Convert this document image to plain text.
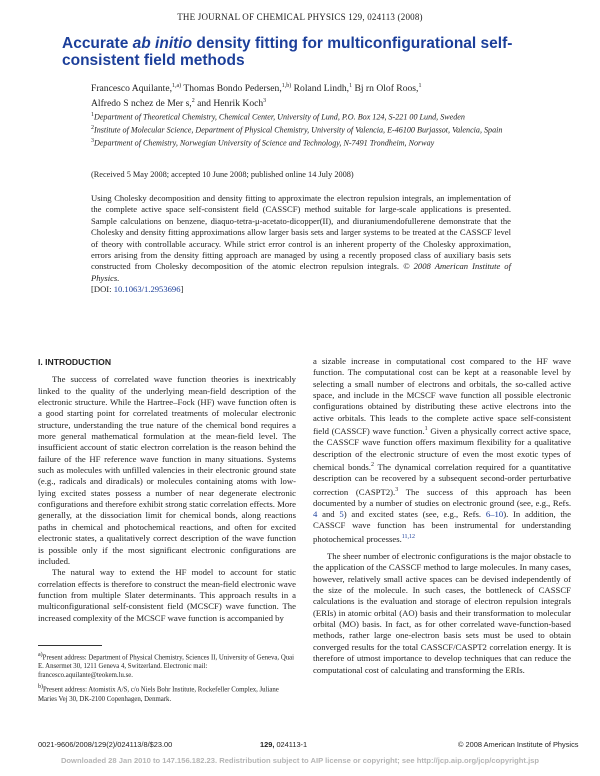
THE JOURNAL OF CHEMICAL PHYSICS 129, 024113 (2008)
Accurate ab initio density fitting for multiconfigurational self-consistent field methods
Francesco Aquilante,$^{1,a)}$ Thomas Bondo Pedersen,$^{1,b)}$ Roland Lindh,$^1$ Bj rn Olof Roos,$^1$
Alfredo S nchez de Mer s,$^2$ and Henrik Koch$^3$
$^1$Department of Theoretical Chemistry, Chemical Center, University of Lund, P.O. Box 124, S-221 00 Lund, Sweden
$^2$Institute of Molecular Science, Department of Physical Chemistry, University of Valencia, E-46100 Burjassot, Valencia, Spain
$^3$Department of Chemistry, Norwegian University of Science and Technology, N-7491 Trondheim, Norway
(Received 5 May 2008; accepted 10 June 2008; published online 14 July 2008)
Using Cholesky decomposition and density fitting to approximate the electron repulsion integrals, an implementation of the complete active space self-consistent field (CASSCF) method suitable for large-scale applications is presented. Sample calculations on benzene, diaquo-tetra-μ-acetato-dicopper(II), and diuraniumendofullerene demonstrate that the Cholesky and density fitting approximations allow larger basis sets and larger systems to be treated at the CASSCF level of theory with controllable accuracy. While strict error control is an inherent property of the Cholesky approximation, errors arising from the density fitting approach are managed by using a recently proposed class of auxiliary basis sets constructed from Cholesky decomposition of the atomic electron repulsion integrals. © 2008 American Institute of Physics.
[DOI: 10.1063/1.2953696]

I. INTRODUCTION

The success of correlated wave function theories is inextricably linked to the quality of the underlying mean-field description of the electronic structure. While the Hartree–Fock (HF) wave function often is a good starting point for correlated treatments of molecular electronic structure, understanding the true nature of the chemical bond requires a more general mathematical formulation at the mean-field level. The insufficient account of static electron correlation is the reason behind the failure of the HF reference wave function in many situations. Systems such as molecules with unfilled valencies in their electronic ground state (e.g., radicals and diradicals) or molecules containing atoms with low-lying excited states possess a number of near degenerate electronic configurations and therefore exhibit strong static correlation effects. More generally, at the dissociation limit for chemical bonds, along reactions paths in chemical and photochemical reactions, and often for excited electronic states, a qualitatively correct description of the wave function is possible only if the most significant electronic configurations are included.

The natural way to extend the HF model to account for static correlation effects is therefore to construct the mean-field electronic wave function from multiple Slater determinants. This approach results in a multiconfigurational self-consistent field (MCSCF) wave function. The increased complexity of the MCSCF wave function is accompanied by

a sizable increase in computational cost compared to the HF wave function. The computational cost can be kept at a reasonable level by selecting a small number of electrons and orbitals, the so-called active space, and include in the MCSCF wave function all possible electronic configurations obtained by distributing these active electrons into the active orbitals. This leads to the complete active space self-consistent field (CASSCF) wave function.$^1$ Given a physically correct active space, the CASSCF wave function offers maximum flexibility for a qualitative description of the electronic structure of even the most exotic types of chemical bonds.$^2$ The dynamical correlation required for a quantitative description can be recovered by a subsequent second-order perturbative correction (CASPT2).$^3$ The success of this approach has been documented by a number of studies on electronic ground (see, e.g., Refs. 4 and 5) and excited states (see, e.g., Refs. 6–10). In addition, the CASSCF wave function has been instrumental for understanding photochemical processes.$^{11,12}$

The sheer number of electronic configurations is the major obstacle to the application of the CASSCF method to large molecules. In many cases, however, relatively small active spaces can be devised independently of the size of the molecule. In such cases, the bottleneck of CASSCF calculations is the evaluation and storage of electron repulsion integrals (ERIs) in atomic orbital (AO) basis and their transformation to molecular orbital (MO) basis. In fact, as for other correlated wave-function-based methods, rather large one-electron basis sets must be used to obtain converged results for the total CASSCF/CASPT2 correlation energy. It is therefore of utmost importance to develop techniques that can reduce the computational cost of calculating and transforming the ERIs.

$^{a)}$Present address: Department of Physical Chemistry, Sciences II, University of Geneva, Quai E. Ansermet 30, 1211 Geneva 4, Switzerland. Electronic mail: francesco.aquilante@teokem.lu.se.
$^{b)}$Present address: Atomistix A/S, c/o Niels Bohr Institute, Rockefeller Complex, Juliane Maries Vej 30, DK-2100 Copenhagen, Denmark.
0021-9606/2008/129(2)/024113/8/$23.00	129, 024113-1	© 2008 American Institute of Physics
Downloaded 28 Jan 2010 to 147.156.182.23. Redistribution subject to AIP license or copyright; see http://jcp.aip.org/jcp/copyright.jsp
